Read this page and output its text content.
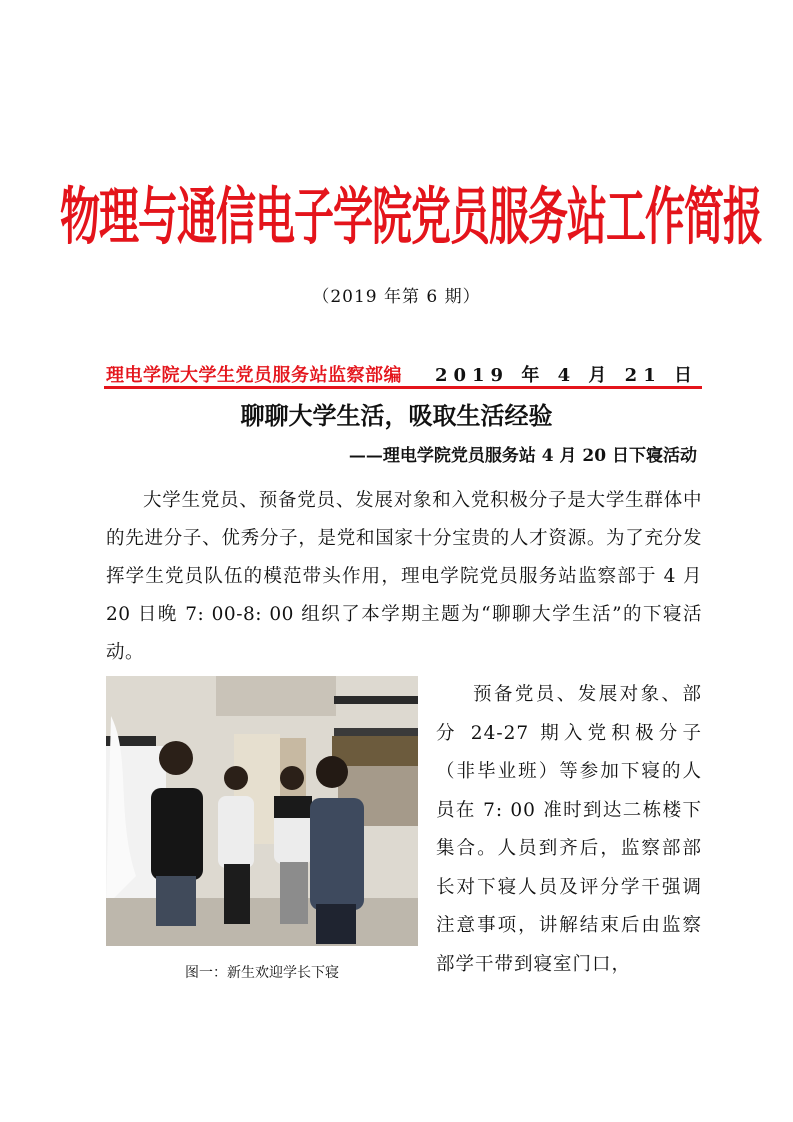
物理与通信电子学院党员服务站工作简报
（2019 年第 6 期）
理电学院大学生党员服务站监察部编 2019 年 4 月 21 日
聊聊大学生活，吸取生活经验
——理电学院党员服务站 4 月 20 日下寝活动

大学生党员、预备党员、发展对象和入党积极分子是大学生群体中的先进分子、优秀分子，是党和国家十分宝贵的人才资源。为了充分发挥学生党员队伍的模范带头作用，理电学院党员服务站监察部于 4 月 20 日晚 7: 00-8: 00 组织了本学期主题为“聊聊大学生活”的下寝活动。

图一：新生欢迎学长下寝

预备党员、发展对象、部分 24-27 期入党积极分子（非毕业班）等参加下寝的人员在 7: 00 准时到达二栋楼下集合。人员到齐后，监察部部长对下寝人员及评分学干强调注意事项，讲解结束后由监察部学干带到寝室门口，
